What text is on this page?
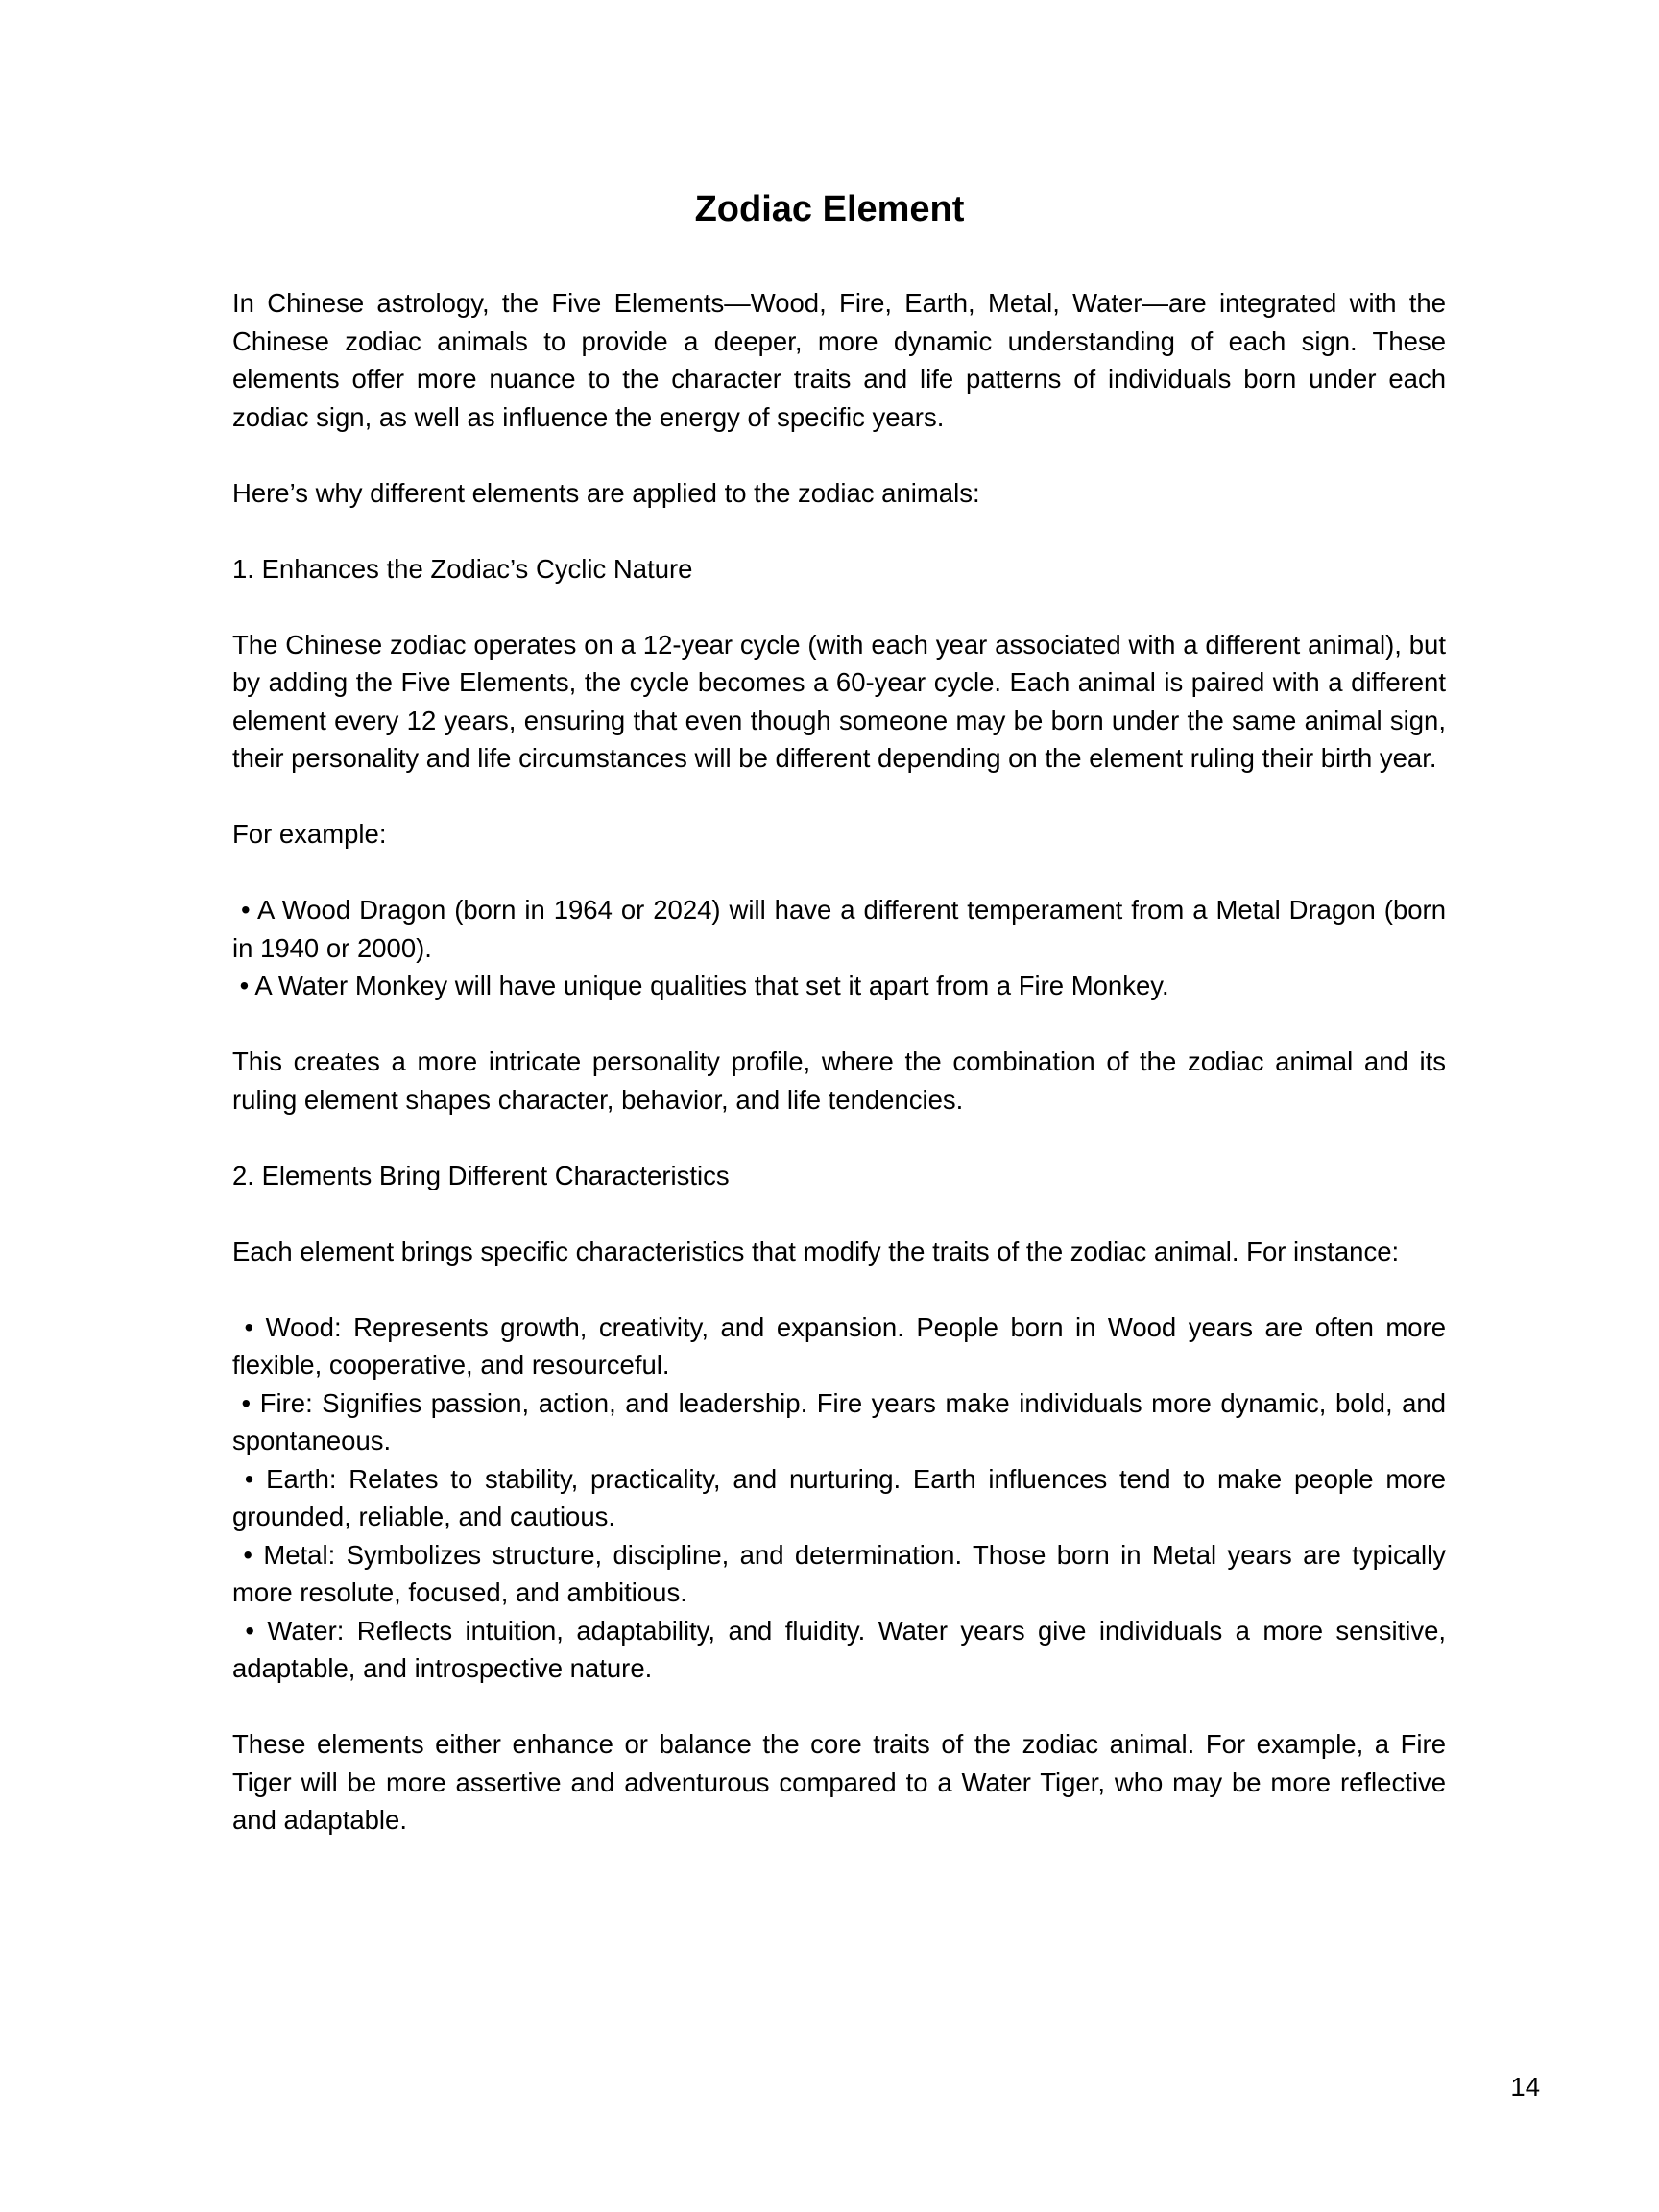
Zodiac Element

In Chinese astrology, the Five Elements—Wood, Fire, Earth, Metal, Water—are integrated with the Chinese zodiac animals to provide a deeper, more dynamic understanding of each sign. These elements offer more nuance to the character traits and life patterns of individuals born under each zodiac sign, as well as influence the energy of specific years.

Here’s why different elements are applied to the zodiac animals:

1. Enhances the Zodiac’s Cyclic Nature

The Chinese zodiac operates on a 12-year cycle (with each year associated with a different animal), but by adding the Five Elements, the cycle becomes a 60-year cycle. Each animal is paired with a different element every 12 years, ensuring that even though someone may be born under the same animal sign, their personality and life circumstances will be different depending on the element ruling their birth year.

For example:

• A Wood Dragon (born in 1964 or 2024) will have a different temperament from a Metal Dragon (born in 1940 or 2000).
• A Water Monkey will have unique qualities that set it apart from a Fire Monkey.

This creates a more intricate personality profile, where the combination of the zodiac animal and its ruling element shapes character, behavior, and life tendencies.

2. Elements Bring Different Characteristics

Each element brings specific characteristics that modify the traits of the zodiac animal. For instance:

• Wood: Represents growth, creativity, and expansion. People born in Wood years are often more flexible, cooperative, and resourceful.
• Fire: Signifies passion, action, and leadership. Fire years make individuals more dynamic, bold, and spontaneous.
• Earth: Relates to stability, practicality, and nurturing. Earth influences tend to make people more grounded, reliable, and cautious.
• Metal: Symbolizes structure, discipline, and determination. Those born in Metal years are typically more resolute, focused, and ambitious.
• Water: Reflects intuition, adaptability, and fluidity. Water years give individuals a more sensitive, adaptable, and introspective nature.

These elements either enhance or balance the core traits of the zodiac animal. For example, a Fire Tiger will be more assertive and adventurous compared to a Water Tiger, who may be more reflective and adaptable.

14
